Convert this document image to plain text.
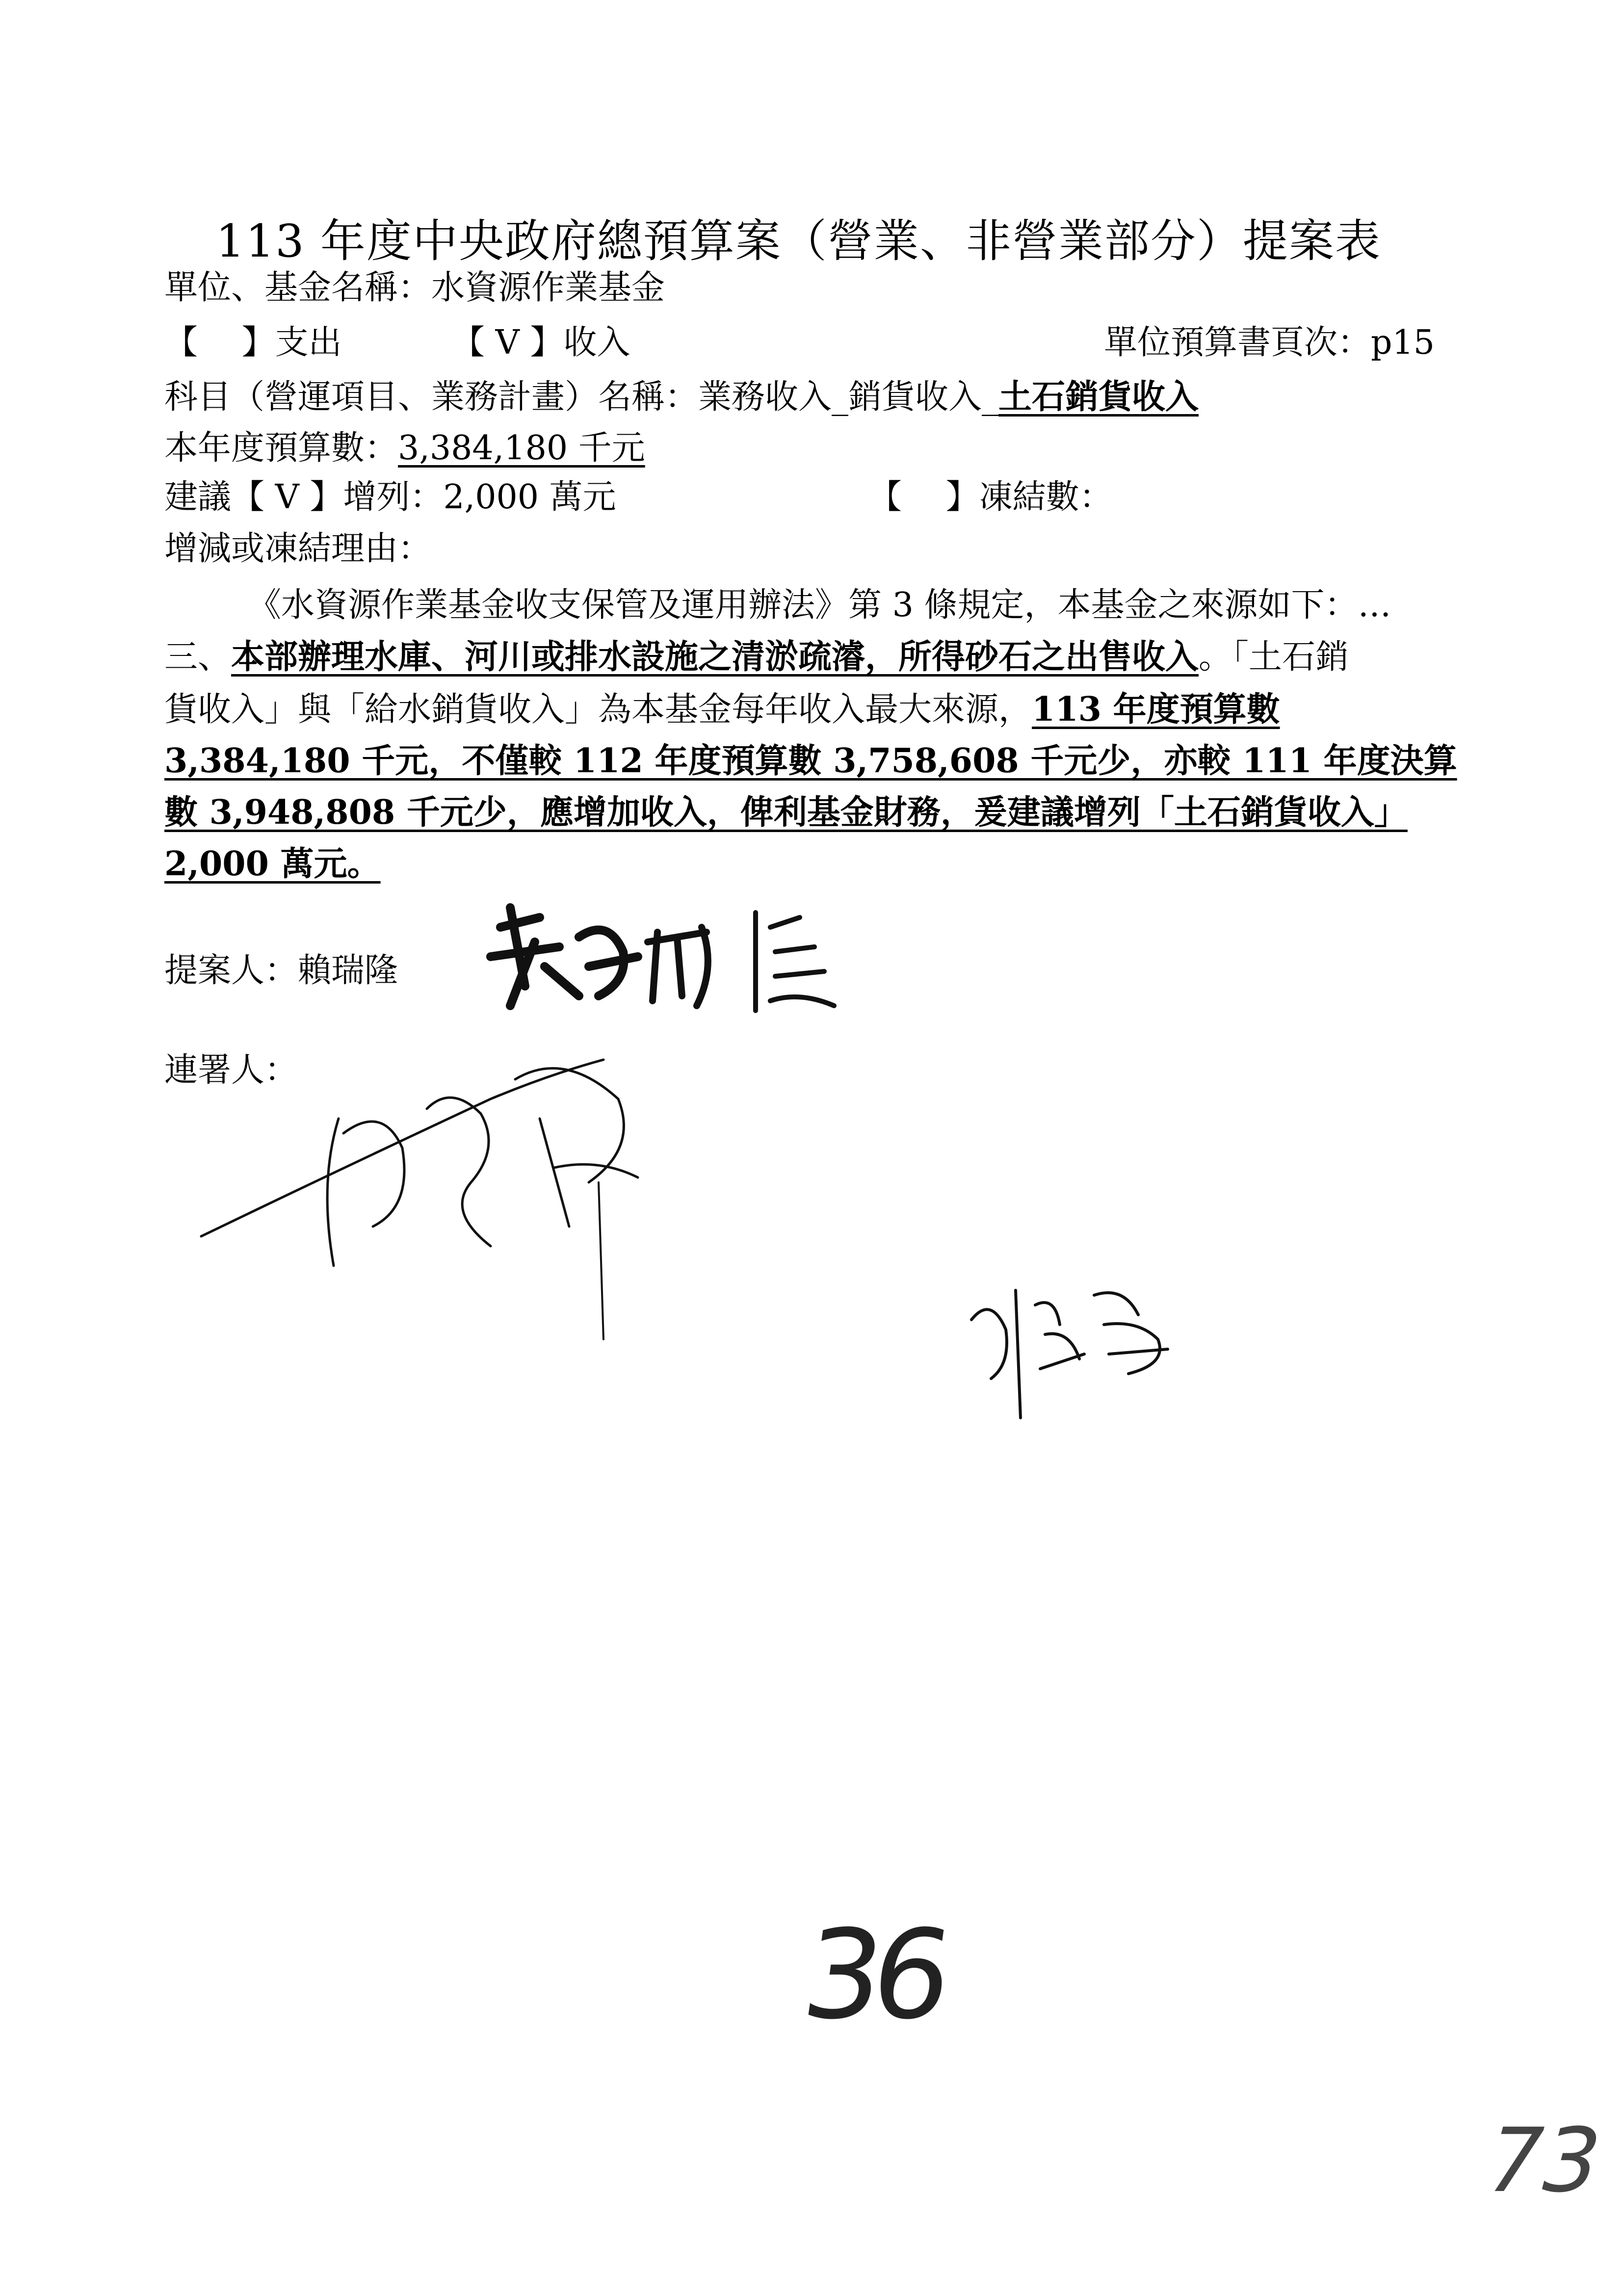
113 年度中央政府總預算案（營業、非營業部分）提案表
單位、基金名稱：水資源作業基金
【　 】支出	【 V 】收入	單位預算書頁次：p15
科目（營運項目、業務計畫）名稱：業務收入_銷貨收入_土石銷貨收入
本年度預算數：3,384,180 千元
建議【 V 】增列：2,000 萬元	【　 】凍結數：
增減或凍結理由：
《水資源作業基金收支保管及運用辦法》第 3 條規定，本基金之來源如下：…
三、本部辦理水庫、河川或排水設施之清淤疏濬，所得砂石之出售收入。「土石銷
貨收入」與「給水銷貨收入」為本基金每年收入最大來源，113 年度預算數
3,384,180 千元，不僅較 112 年度預算數 3,758,608 千元少，亦較 111 年度決算
數 3,948,808 千元少，應增加收入，俾利基金財務，爰建議增列「土石銷貨收入」
2,000 萬元。
提案人：賴瑞隆
連署人：
36
73
